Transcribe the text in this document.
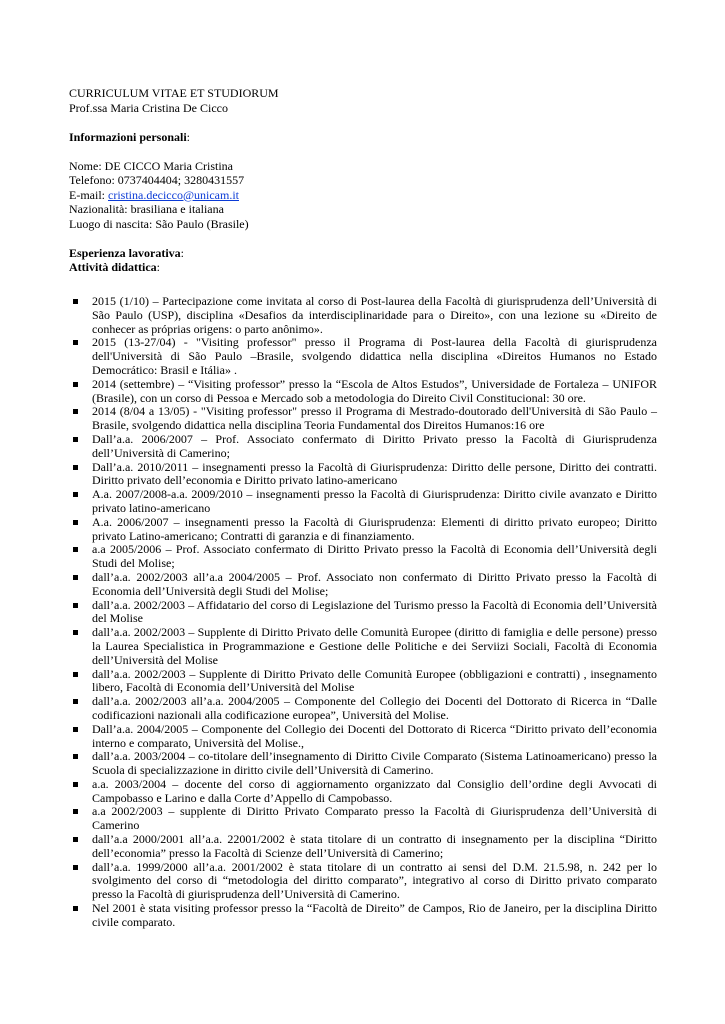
CURRICULUM VITAE ET STUDIORUM
Prof.ssa Maria Cristina De Cicco
Informazioni personali:
Nome: DE CICCO Maria Cristina
Telefono: 0737404404; 3280431557
E-mail: cristina.decicco@unicam.it
Nazionalità: brasiliana e italiana
Luogo di nascita: São Paulo (Brasile)
Esperienza lavorativa:
Attività didattica:
2015 (1/10) – Partecipazione come invitata al corso di Post-laurea della Facoltà di giurisprudenza dell’Università di São Paulo (USP), disciplina «Desafios da interdisciplinaridade para o Direito», con una lezione su «Direito de conhecer as próprias origens: o parto anônimo».
2015 (13-27/04) - "Visiting professor" presso il Programa di Post-laurea della Facoltà di giurisprudenza dell'Università di São Paulo –Brasile, svolgendo didattica nella disciplina «Direitos Humanos no Estado Democrático: Brasil e Itália» .
2014 (settembre) – “Visiting professor” presso la “Escola de Altos Estudos”, Universidade de Fortaleza – UNIFOR (Brasile), con un corso di Pessoa e Mercado sob a metodologia do Direito Civil Constitucional: 30 ore.
2014 (8/04 a 13/05) - "Visiting professor" presso il Programa di Mestrado-doutorado dell'Università di São Paulo – Brasile, svolgendo didattica nella disciplina Teoria Fundamental dos Direitos Humanos:16 ore
Dall’a.a. 2006/2007 – Prof. Associato confermato di Diritto Privato presso la Facoltà di Giurisprudenza dell’Università di Camerino;
Dall’a.a. 2010/2011 – insegnamenti presso la Facoltà di Giurisprudenza: Diritto delle persone, Diritto dei contratti. Diritto privato dell’economia e Diritto privato latino-americano
A.a. 2007/2008-a.a. 2009/2010 – insegnamenti presso la Facoltà di Giurisprudenza: Diritto civile avanzato e Diritto privato latino-americano
A.a. 2006/2007 – insegnamenti presso la Facoltà di Giurisprudenza: Elementi di diritto privato europeo; Diritto privato Latino-americano; Contratti di garanzia e di finanziamento.
a.a 2005/2006 – Prof. Associato confermato di Diritto Privato presso la Facoltà di Economia dell’Università degli Studi del Molise;
dall’a.a. 2002/2003 all’a.a 2004/2005 – Prof. Associato non confermato di Diritto Privato presso la Facoltà di Economia dell’Università degli Studi del Molise;
dall’a.a. 2002/2003 – Affidatario del corso di Legislazione del Turismo presso la Facoltà di Economia dell’Università del Molise
dall’a.a. 2002/2003 – Supplente di Diritto Privato delle Comunità Europee (diritto di famiglia e delle persone) presso la Laurea Specialistica in Programmazione e Gestione delle Politiche e dei Serviizi Sociali, Facoltà di Economia dell’Università del Molise
dall’a.a. 2002/2003 – Supplente di Diritto Privato delle Comunità Europee (obbligazioni e contratti) , insegnamento libero, Facoltà di Economia dell’Università del Molise
dall’a.a. 2002/2003 all’a.a. 2004/2005 – Componente del Collegio dei Docenti del Dottorato di Ricerca in “Dalle codificazioni nazionali alla codificazione europea”, Università del Molise.
Dall’a.a. 2004/2005 – Componente del Collegio dei Docenti del Dottorato di Ricerca “Diritto privato dell’economia interno e comparato, Università del Molise.,
dall’a.a. 2003/2004 – co-titolare dell’insegnamento di Diritto Civile Comparato (Sistema Latinoamericano) presso la Scuola di specializzazione in diritto civile dell’Università di Camerino.
a.a. 2003/2004 – docente del corso di aggiornamento organizzato dal Consiglio dell’ordine degli Avvocati di Campobasso e Larino e dalla Corte d’Appello di Campobasso.
a.a 2002/2003 – supplente di Diritto Privato Comparato presso la Facoltà di Giurisprudenza dell’Università di Camerino
dall’a.a 2000/2001 all’a.a. 22001/2002 è stata titolare di un contratto di insegnamento per la disciplina “Diritto dell’economia” presso la Facoltà di Scienze dell’Università di Camerino;
dall’a.a. 1999/2000 all’a.a. 2001/2002 è stata titolare di un contratto ai sensi del D.M. 21.5.98, n. 242 per lo svolgimento del corso di “metodologia del diritto comparato”, integrativo al corso di Diritto privato comparato presso la Facoltà di giurisprudenza dell’Università di Camerino.
Nel 2001 è stata visiting professor presso la “Facoltà de Direito” de Campos, Rio de Janeiro, per la disciplina Diritto civile comparato.
